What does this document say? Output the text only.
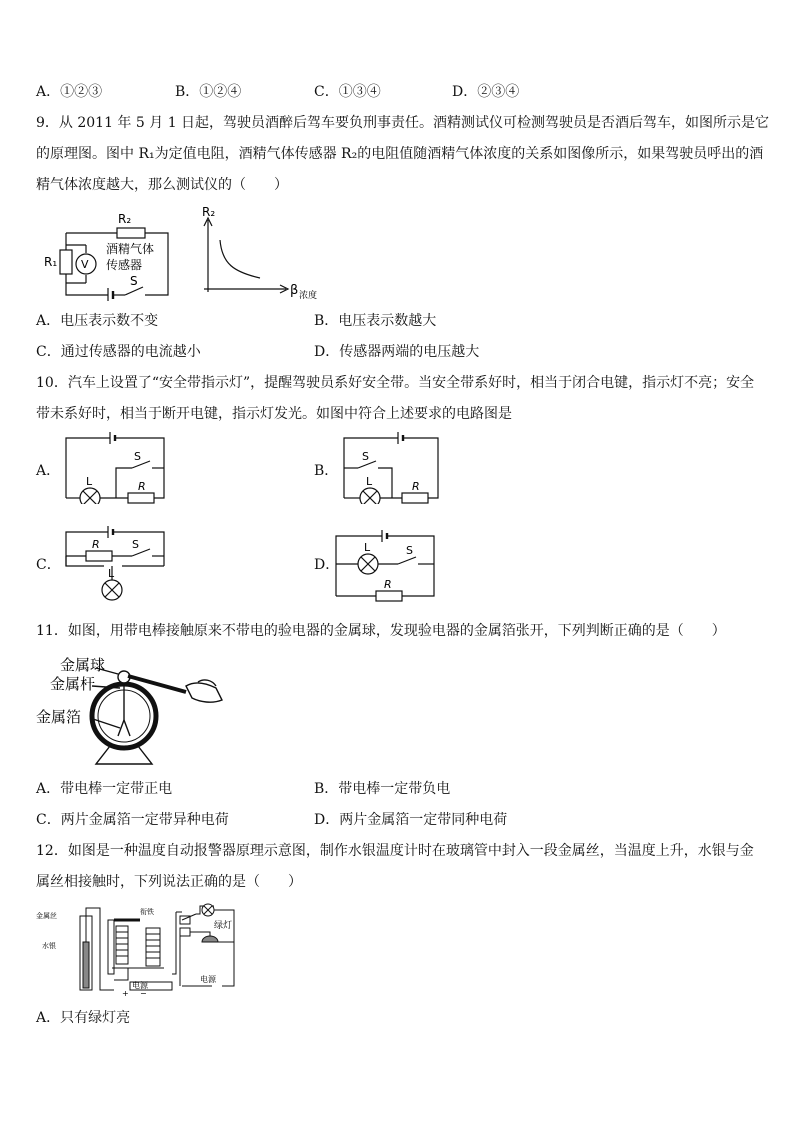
A．①②③	B．①②④	C．①③④	D．②③④
9．从 2011 年 5 月 1 日起，驾驶员酒醉后驾车要负刑事责任。酒精测试仪可检测驾驶员是否酒后驾车，如图所示是它
的原理图。图中 R₁为定值电阻，酒精气体传感器 R₂的电阻值随酒精气体浓度的关系如图像所示，如果驾驶员呼出的酒
精气体浓度越大，那么测试仪的（　　）
R₂
R₁ V
酒精气体
传感器
S
R₂
β 浓度
A．电压表示数不变	B．电压表示数越大
C．通过传感器的电流越小	D．传感器两端的电压越大
10．汽车上设置了“安全带指示灯”，提醒驾驶员系好安全带。当安全带系好时，相当于闭合电键，指示灯不亮；安全
带未系好时，相当于断开电键，指示灯发光。如图中符合上述要求的电路图是
A．	B．
C．	D．
S
L	R
S
L	R
R	S
L
L	S
R
11．如图，用带电棒接触原来不带电的验电器的金属球，发现验电器的金属箔张开，下列判断正确的是（　　）
金属球
金属杆
金属箔
A．带电棒一定带正电	B．带电棒一定带负电
C．两片金属箔一定带异种电荷	D．两片金属箔一定带同种电荷
12．如图是一种温度自动报警器原理示意图，制作水银温度计时在玻璃管中封入一段金属丝，当温度上升，水银与金
属丝相接触时，下列说法正确的是（　　）
金属丝
水银
衔铁
绿灯
电源
电源
+ −
A．只有绿灯亮
